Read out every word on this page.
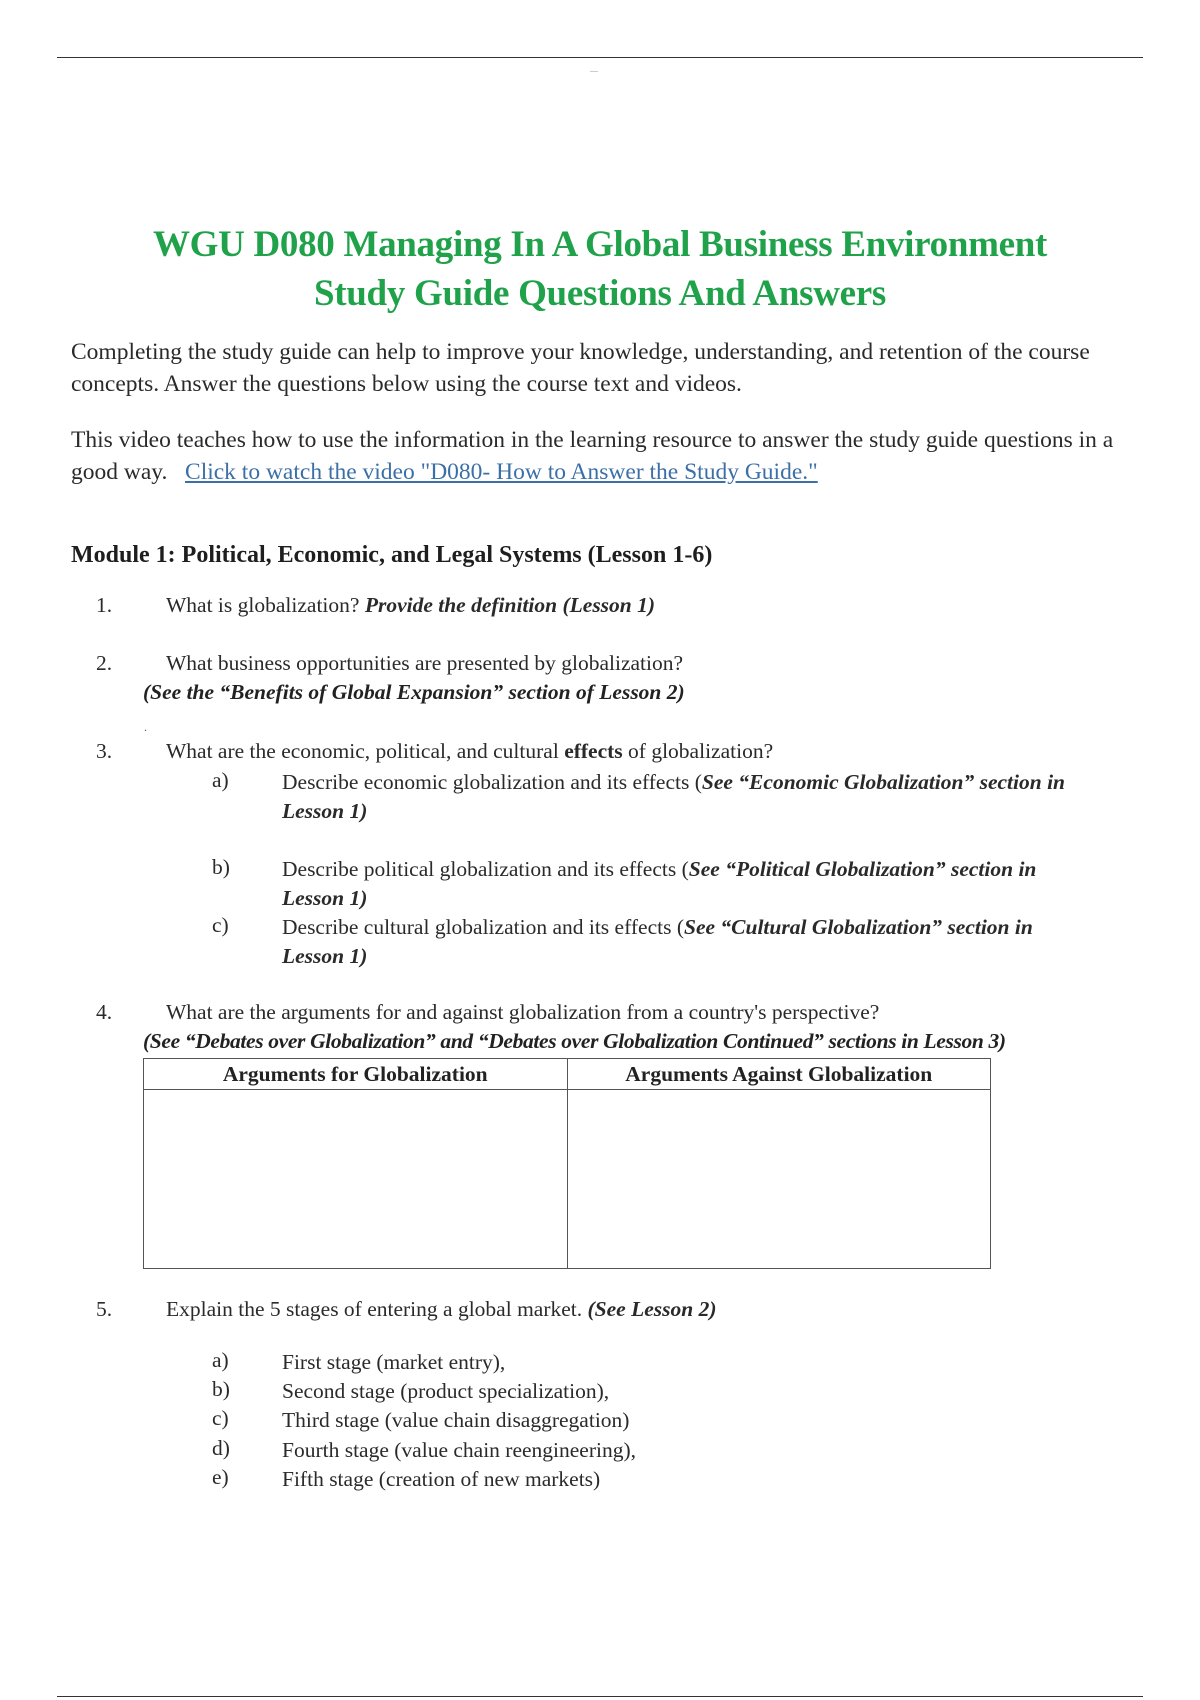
—
WGU D080 Managing In A Global Business Environment
Study Guide Questions And Answers
Completing the study guide can help to improve your knowledge, understanding, and retention of the course concepts. Answer the questions below using the course text and videos.
This video teaches how to use the information in the learning resource to answer the study guide questions in a good way. Click to watch the video "D080- How to Answer the Study Guide."
Module 1: Political, Economic, and Legal Systems (Lesson 1-6)
1.	What is globalization? Provide the definition (Lesson 1)
2.	What business opportunities are presented by globalization?
(See the “Benefits of Global Expansion” section of Lesson 2)
.
3.	What are the economic, political, and cultural effects of globalization?
a) Describe economic globalization and its effects (See “Economic Globalization” section in
Lesson 1)
b) Describe political globalization and its effects (See “Political Globalization” section in
Lesson 1)
c) Describe cultural globalization and its effects (See “Cultural Globalization” section in
Lesson 1)
4.	What are the arguments for and against globalization from a country's perspective?
(See “Debates over Globalization” and “Debates over Globalization Continued” sections in Lesson 3)
Arguments for Globalization	Arguments Against Globalization

5.	Explain the 5 stages of entering a global market. (See Lesson 2)
a) First stage (market entry),
b) Second stage (product specialization),
c) Third stage (value chain disaggregation)
d) Fourth stage (value chain reengineering),
e) Fifth stage (creation of new markets)
